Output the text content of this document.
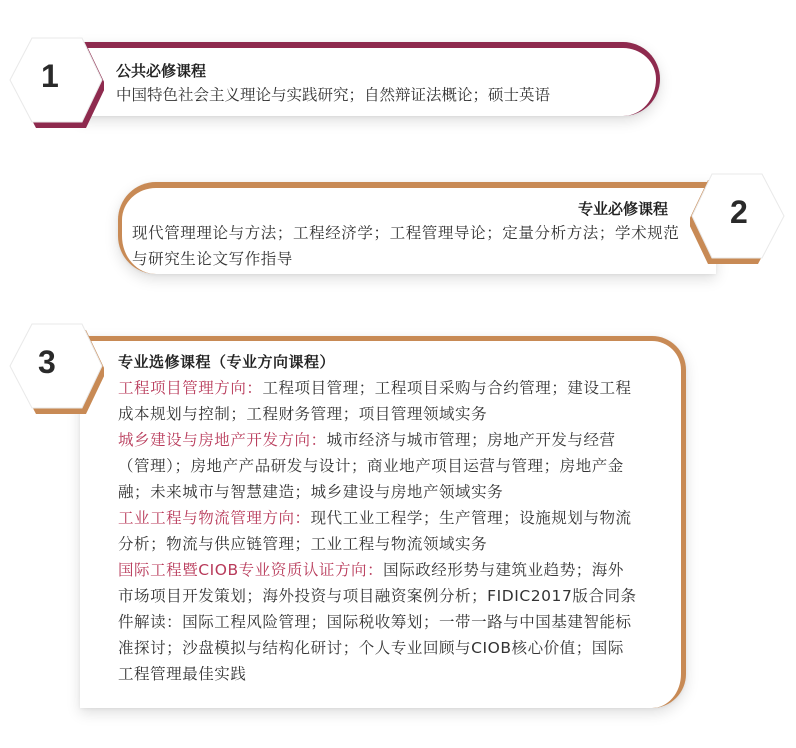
公共必修课程
中国特色社会主义理论与实践研究；自然辩证法概论；硕士英语
1
专业必修课程
现代管理理论与方法；工程经济学；工程管理导论；定量分析方法；学术规范与研究生论文写作指导
2
专业选修课程（专业方向课程）
工程项目管理方向：工程项目管理；工程项目采购与合约管理；建设工程成本规划与控制；工程财务管理；项目管理领域实务
城乡建设与房地产开发方向：城市经济与城市管理；房地产开发与经营（管理）；房地产产品研发与设计；商业地产项目运营与管理；房地产金融；未来城市与智慧建造；城乡建设与房地产领域实务
工业工程与物流管理方向：现代工业工程学；生产管理；设施规划与物流分析；物流与供应链管理；工业工程与物流领域实务
国际工程暨CIOB专业资质认证方向：国际政经形势与建筑业趋势；海外市场项目开发策划；海外投资与项目融资案例分析；FIDIC2017版合同条件解读：国际工程风险管理；国际税收筹划；一带一路与中国基建智能标准探讨；沙盘模拟与结构化研讨；个人专业回顾与CIOB核心价值；国际工程管理最佳实践
3
